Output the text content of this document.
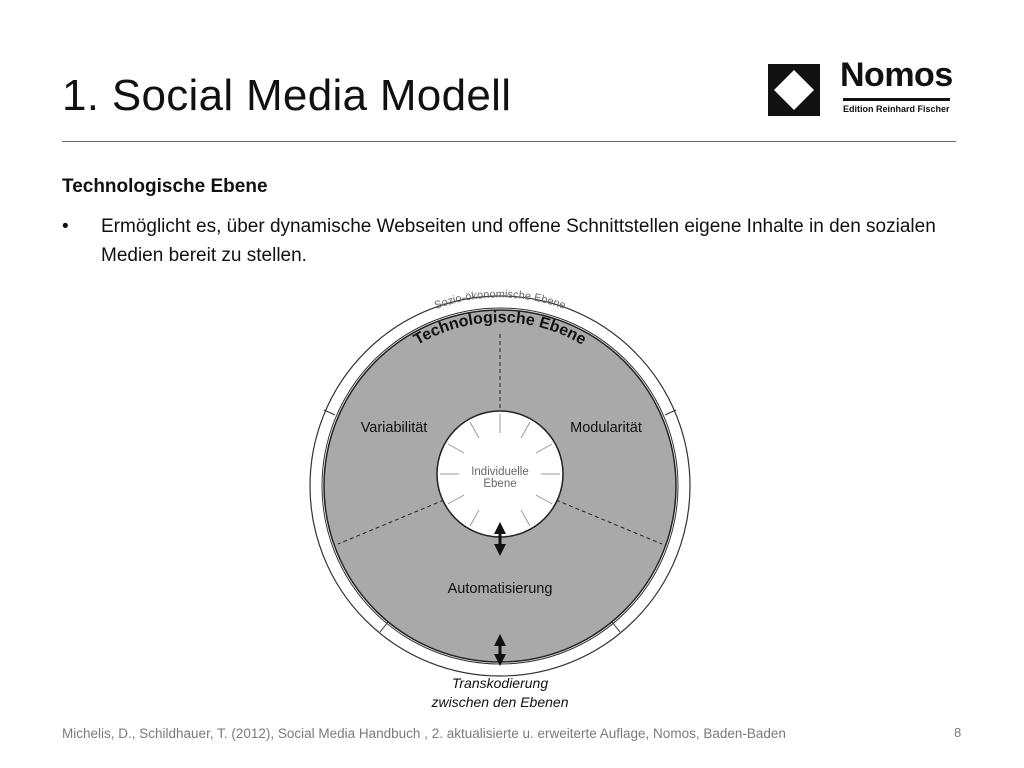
1. Social Media Modell	Nomos
Edition Reinhard Fischer
Technologische Ebene
• Ermöglicht es, über dynamische Webseiten und offene Schnittstellen eigene Inhalte in den sozialen Medien bereit zu stellen.
Sozio-ökonomische Ebene
Technologische Ebene
Variabilität	Modularität
Automatisierung
Individuelle
Ebene
Transkodierung
zwischen den Ebenen
Michelis, D., Schildhauer, T. (2012), Social Media Handbuch , 2. aktualisierte u. erweiterte Auflage, Nomos, Baden-Baden	8
